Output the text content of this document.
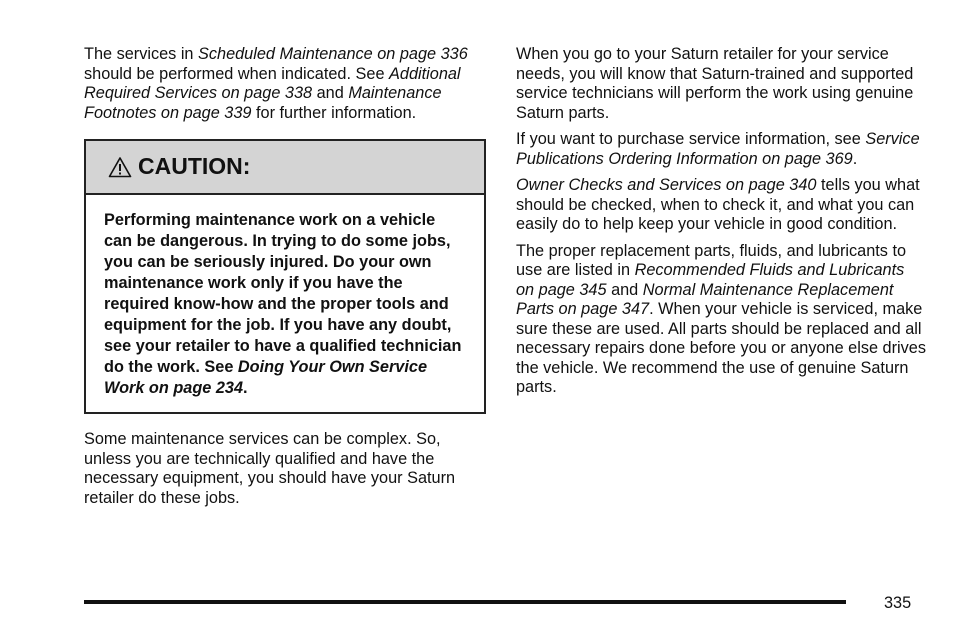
The services in Scheduled Maintenance on page 336 should be performed when indicated. See Additional Required Services on page 338 and Maintenance Footnotes on page 339 for further information.

CAUTION:
Performing maintenance work on a vehicle can be dangerous. In trying to do some jobs, you can be seriously injured. Do your own maintenance work only if you have the required know-how and the proper tools and equipment for the job. If you have any doubt, see your retailer to have a qualified technician do the work. See Doing Your Own Service Work on page 234.

Some maintenance services can be complex. So, unless you are technically qualified and have the necessary equipment, you should have your Saturn retailer do these jobs.

When you go to your Saturn retailer for your service needs, you will know that Saturn-trained and supported service technicians will perform the work using genuine Saturn parts.

If you want to purchase service information, see Service Publications Ordering Information on page 369.

Owner Checks and Services on page 340 tells you what should be checked, when to check it, and what you can easily do to help keep your vehicle in good condition.

The proper replacement parts, fluids, and lubricants to use are listed in Recommended Fluids and Lubricants on page 345 and Normal Maintenance Replacement Parts on page 347. When your vehicle is serviced, make sure these are used. All parts should be replaced and all necessary repairs done before you or anyone else drives the vehicle. We recommend the use of genuine Saturn parts.

335
